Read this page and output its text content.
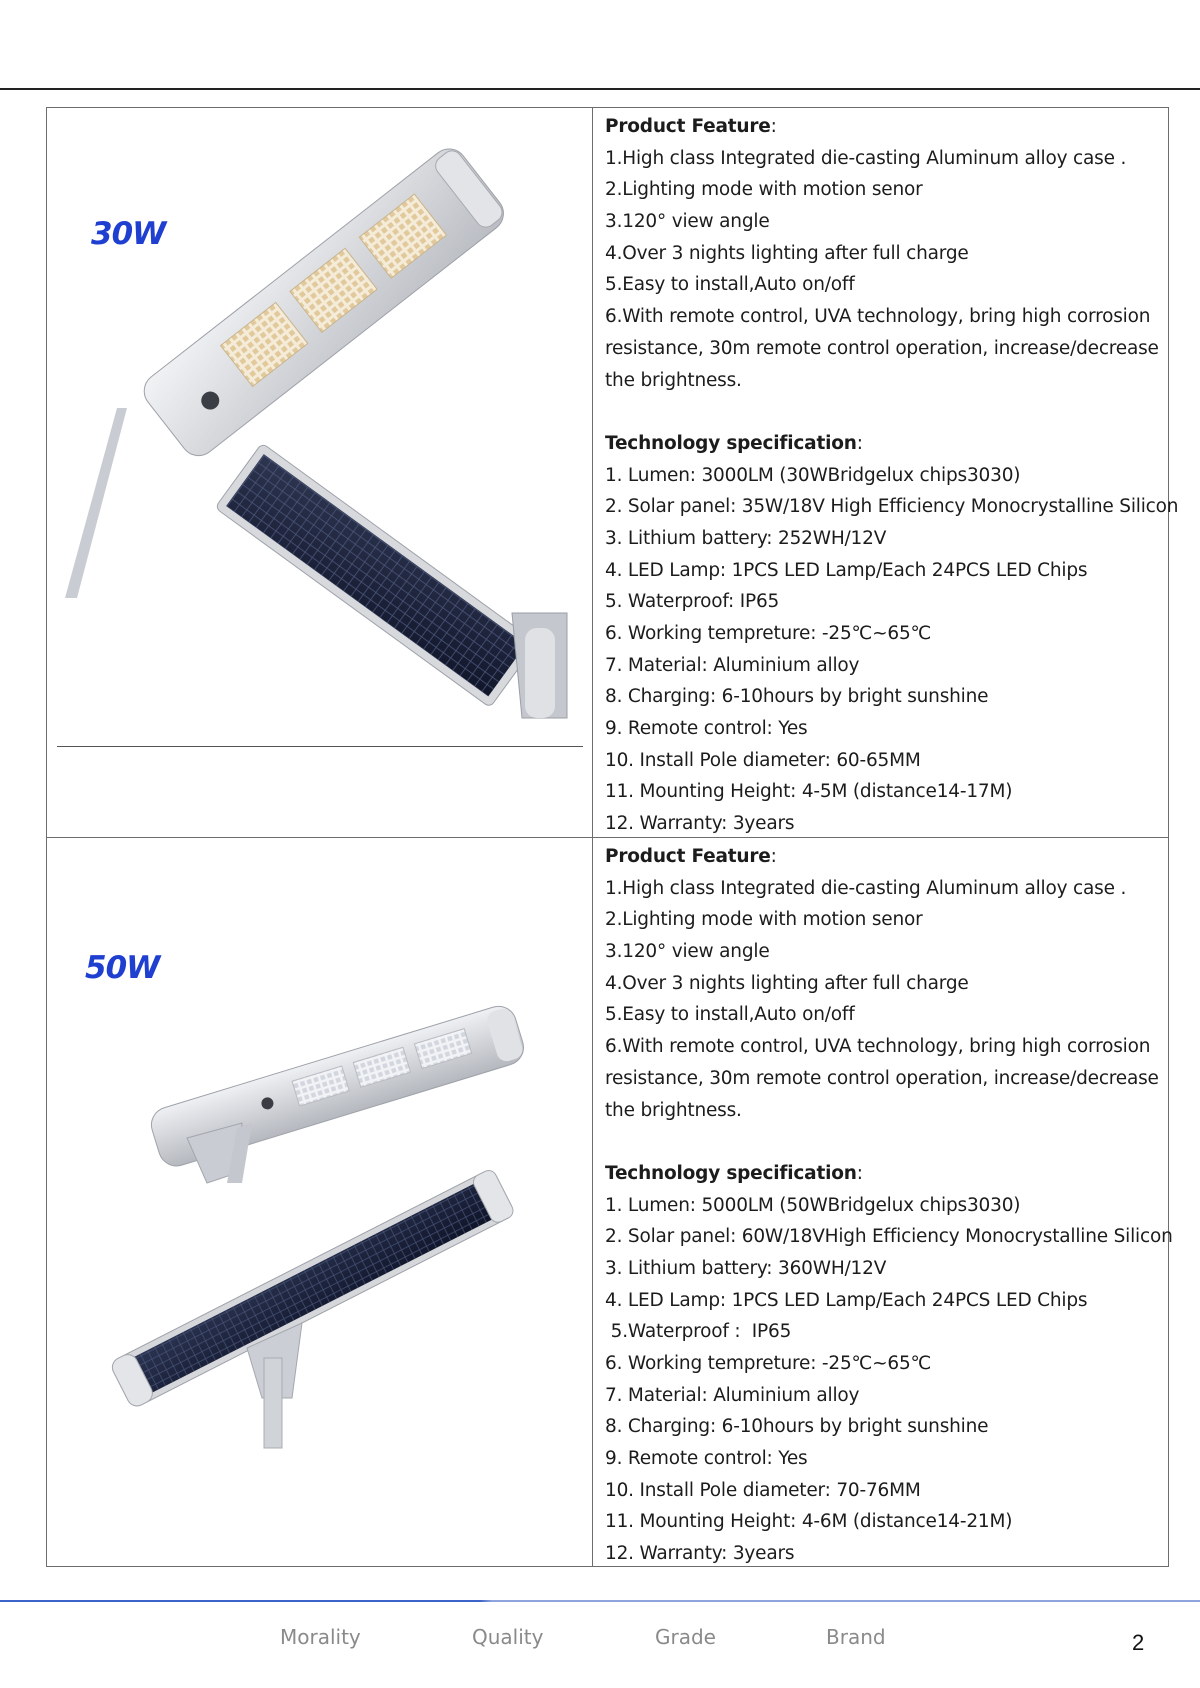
30W
Product Feature:
1.High class Integrated die-casting Aluminum alloy case .
2.Lighting mode with motion senor
3.120° view angle
4.Over 3 nights lighting after full charge
5.Easy to install,Auto on/off
6.With remote control, UVA technology, bring high corrosion
resistance, 30m remote control operation, increase/decrease
the brightness.
Technology specification:
1. Lumen: 3000LM (30WBridgelux chips3030)
2. Solar panel: 35W/18V High Efficiency Monocrystalline Silicon
3. Lithium battery: 252WH/12V
4. LED Lamp: 1PCS LED Lamp/Each 24PCS LED Chips
5. Waterproof: IP65
6. Working tempreture: -25℃~65℃
7. Material: Aluminium alloy
8. Charging: 6-10hours by bright sunshine
9. Remote control: Yes
10. Install Pole diameter: 60-65MM
11. Mounting Height: 4-5M (distance14-17M)
12. Warranty: 3years
50W
Product Feature:
1.High class Integrated die-casting Aluminum alloy case .
2.Lighting mode with motion senor
3.120° view angle
4.Over 3 nights lighting after full charge
5.Easy to install,Auto on/off
6.With remote control, UVA technology, bring high corrosion
resistance, 30m remote control operation, increase/decrease
the brightness.
Technology specification:
1. Lumen: 5000LM (50WBridgelux chips3030)
2. Solar panel: 60W/18VHigh Efficiency Monocrystalline Silicon
3. Lithium battery: 360WH/12V
4. LED Lamp: 1PCS LED Lamp/Each 24PCS LED Chips
5.Waterproof :  IP65
6. Working tempreture: -25℃~65℃
7. Material: Aluminium alloy
8. Charging: 6-10hours by bright sunshine
9. Remote control: Yes
10. Install Pole diameter: 70-76MM
11. Mounting Height: 4-6M (distance14-21M)
12. Warranty: 3years
Morality	Quality	Grade	Brand	2
